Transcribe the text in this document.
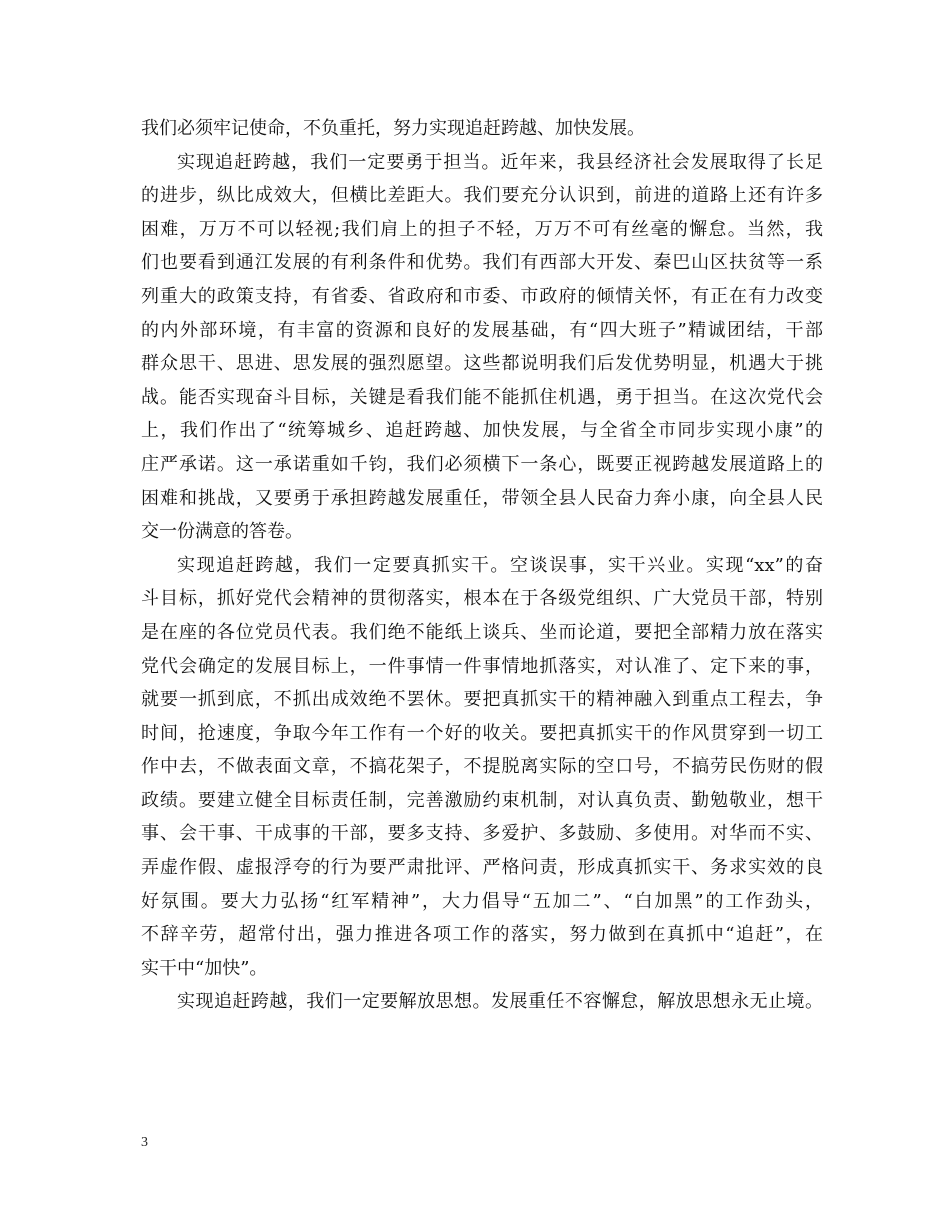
我们必须牢记使命，不负重托，努力实现追赶跨越、加快发展。
实现追赶跨越，我们一定要勇于担当。近年来，我县经济社会发展取得了长足
的进步，纵比成效大，但横比差距大。我们要充分认识到，前进的道路上还有许多
困难，万万不可以轻视;我们肩上的担子不轻，万万不可有丝毫的懈怠。当然，我
们也要看到通江发展的有利条件和优势。我们有西部大开发、秦巴山区扶贫等一系
列重大的政策支持，有省委、省政府和市委、市政府的倾情关怀，有正在有力改变
的内外部环境，有丰富的资源和良好的发展基础，有“四大班子”精诚团结，干部
群众思干、思进、思发展的强烈愿望。这些都说明我们后发优势明显，机遇大于挑
战。能否实现奋斗目标，关键是看我们能不能抓住机遇，勇于担当。在这次党代会
上，我们作出了“统筹城乡、追赶跨越、加快发展，与全省全市同步实现小康”的
庄严承诺。这一承诺重如千钧，我们必须横下一条心，既要正视跨越发展道路上的
困难和挑战，又要勇于承担跨越发展重任，带领全县人民奋力奔小康，向全县人民
交一份满意的答卷。
实现追赶跨越，我们一定要真抓实干。空谈误事，实干兴业。实现“xx”的奋
斗目标，抓好党代会精神的贯彻落实，根本在于各级党组织、广大党员干部，特别
是在座的各位党员代表。我们绝不能纸上谈兵、坐而论道，要把全部精力放在落实
党代会确定的发展目标上，一件事情一件事情地抓落实，对认准了、定下来的事，
就要一抓到底，不抓出成效绝不罢休。要把真抓实干的精神融入到重点工程去，争
时间，抢速度，争取今年工作有一个好的收关。要把真抓实干的作风贯穿到一切工
作中去，不做表面文章，不搞花架子，不提脱离实际的空口号，不搞劳民伤财的假
政绩。要建立健全目标责任制，完善激励约束机制，对认真负责、勤勉敬业，想干
事、会干事、干成事的干部，要多支持、多爱护、多鼓励、多使用。对华而不实、
弄虚作假、虚报浮夸的行为要严肃批评、严格问责，形成真抓实干、务求实效的良
好氛围。要大力弘扬“红军精神”，大力倡导“五加二”、“白加黑”的工作劲头，
不辞辛劳，超常付出，强力推进各项工作的落实，努力做到在真抓中“追赶”，在
实干中“加快”。
实现追赶跨越，我们一定要解放思想。发展重任不容懈怠，解放思想永无止境。
3
